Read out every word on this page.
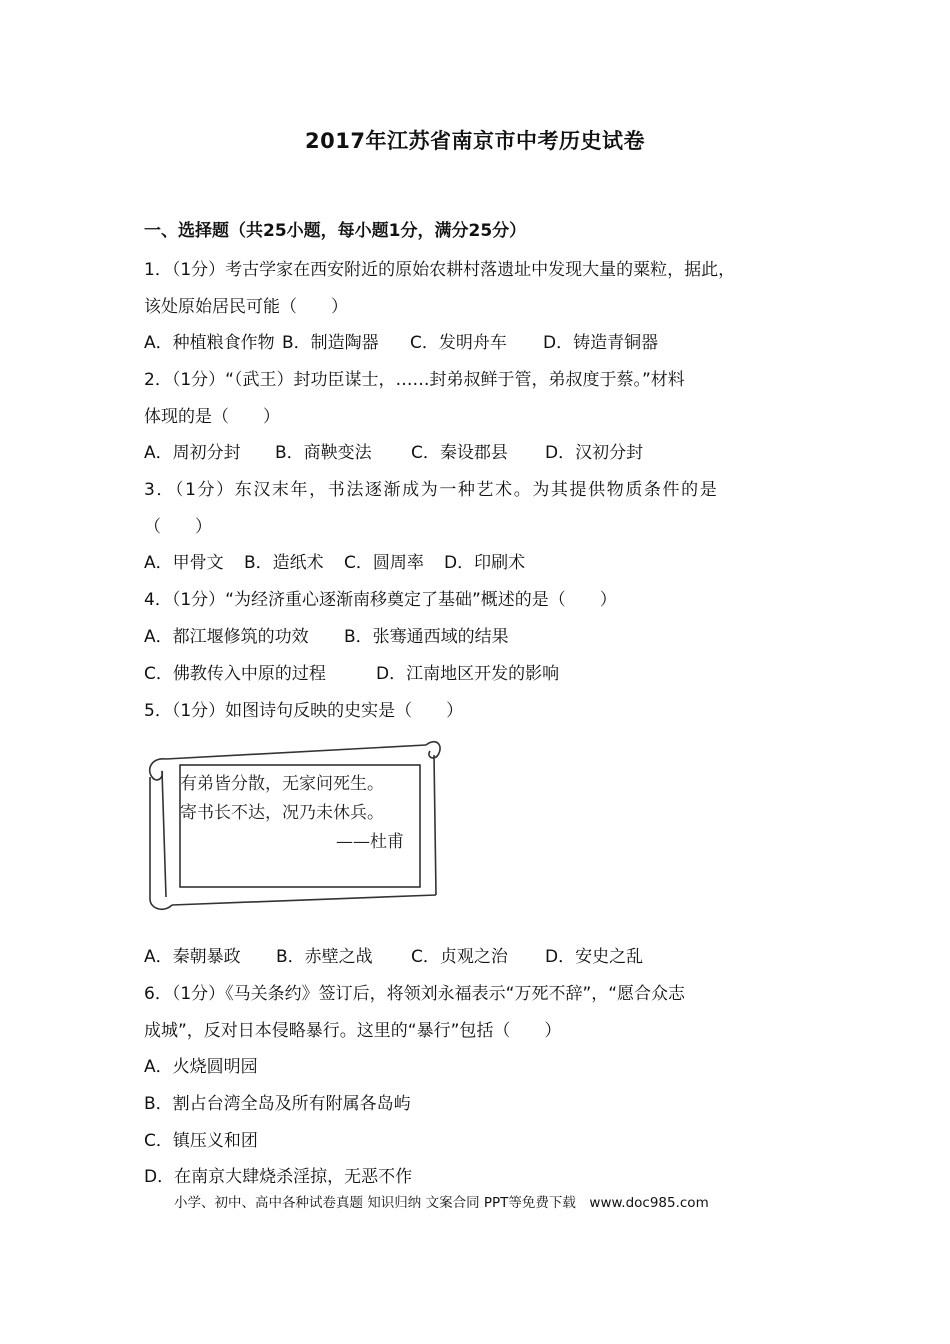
2017年江苏省南京市中考历史试卷
一、选择题（共25小题，每小题1分，满分25分）
1．（1分）考古学家在西安附近的原始农耕村落遗址中发现大量的粟粒，据此，
该处原始居民可能（　　）
A．种植粮食作物 B．制造陶器 C．发明舟车 D．铸造青铜器
2．（1分）“（武王）封功臣谋士，……封弟叔鲜于管，弟叔度于蔡。”材料
体现的是（　　）
A．周初分封 B．商鞅变法 C．秦设郡县 D．汉初分封
3．（1分）东汉末年，书法逐渐成为一种艺术。为其提供物质条件的是
（　　）
A．甲骨文 B．造纸术 C．圆周率 D．印刷术
4．（1分）“为经济重心逐渐南移奠定了基础”概述的是（　　）
A．都江堰修筑的功效 B．张骞通西域的结果
C．佛教传入中原的过程	D．江南地区开发的影响
5．（1分）如图诗句反映的史实是（　　）
有弟皆分散，无家问死生。
寄书长不达，况乃未休兵。
——杜甫
A．秦朝暴政 B．赤壁之战 C．贞观之治 D．安史之乱
6．（1分）《马关条约》签订后，将领刘永福表示“万死不辞”，“愿合众志
成城”，反对日本侵略暴行。这里的“暴行”包括（　　）
A．火烧圆明园
B．割占台湾全岛及所有附属各岛屿
C．镇压义和团
D．在南京大肆烧杀淫掠，无恶不作
小学、初中、高中各种试卷真题 知识归纳 文案合同 PPT等免费下载　www.doc985.com
